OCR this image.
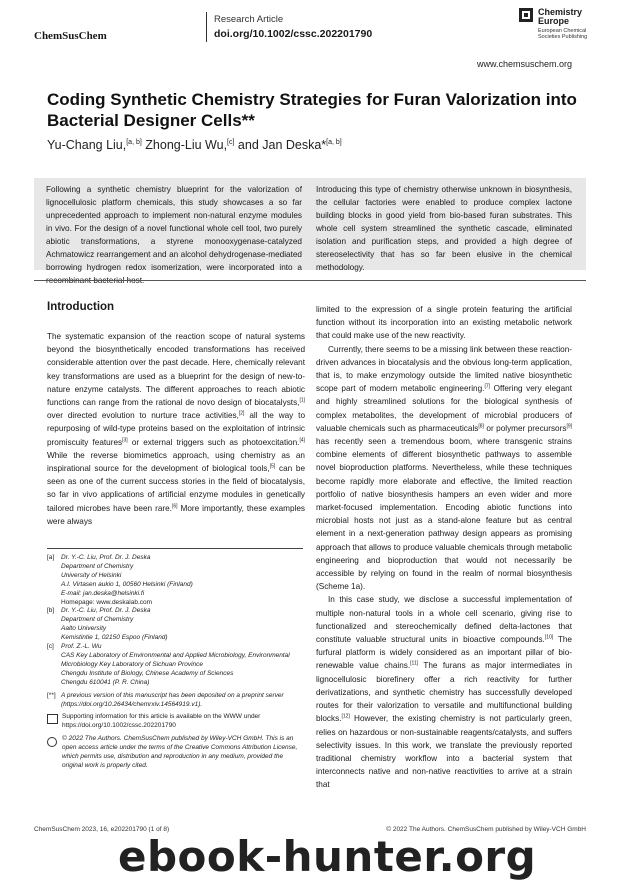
ChemSusChem
Research Article
doi.org/10.1002/cssc.202201790
Chemistry Europe
European Chemical
Societies Publishing
www.chemsuschem.org
Coding Synthetic Chemistry Strategies for Furan Valorization into Bacterial Designer Cells**
Yu-Chang Liu,[a, b] Zhong-Liu Wu,[c] and Jan Deska*[a, b]
Following a synthetic chemistry blueprint for the valorization of lignocellulosic platform chemicals, this study showcases a so far unprecedented approach to implement non-natural enzyme modules in vivo. For the design of a novel functional whole cell tool, two purely abiotic transformations, a styrene monooxygenase-catalyzed Achmatowicz rearrangement and an alcohol dehydrogenase-mediated borrowing hydrogen redox isomerization, were incorporated into a
Introducing this type of chemistry otherwise unknown in biosynthesis, the cellular factories were enabled to produce complex lactone building blocks in good yield from bio-based furan substrates. This whole cell system streamlined the synthetic cascade, eliminated isolation and purification steps, and provided a high degree of stereoselectivity that has so far been elusive in the chemical methodology.
Introduction

The systematic expansion of the reaction scope of natural systems beyond the biosynthetically encoded transformations has received considerable attention over the past decade. Here, chemically relevant key transformations are used as a blueprint for the design of new-to-nature enzyme catalysts. The different approaches to reach abiotic functions can range from the rational de novo design of biocatalysts,[1] over directed evolution to nurture trace activities,[2] all the way to repurposing of wild-type proteins based on the exploitation of intrinsic promiscuity features[3] or external triggers such as photoexcitation.[4] While the reverse biomimetics approach, using chemistry as an inspirational source for the development of biological tools,[5] can be seen as one of the current success stories in the field of biocatalysis, so far in vivo applications of artificial enzyme modules in genetically tailored microbes have been rare.[6] More importantly, these examples were always

limited to the expression of a single protein featuring the artificial function without its incorporation into an existing metabolic network that could make use of the new reactivity.

Currently, there seems to be a missing link between these reaction-driven advances in biocatalysis and the obvious long-term application, that is, to make enzymology outside the limited native biosynthetic scope part of modern metabolic engineering.[7] Offering very elegant and highly streamlined solutions for the biological synthesis of complex metabolites, the development of microbial producers of valuable chemicals such as pharmaceuticals[8] or polymer precursors[9] has recently seen a tremendous boom, where transgenic strains combine elements of different biosynthetic pathways to assemble novel bioproduction platforms. Nevertheless, while these techniques become rapidly more elaborate and effective, the limited reaction portfolio of native biosynthesis hampers an even wider and more market-focused implementation. Encoding abiotic functions into microbial hosts not just as a stand-alone feature but as central element in a next-generation pathway design appears as promising approach that allows to produce valuable chemicals through metabolic engineering and bioproduction that would not necessarily be accessible by relying on found in the realm of normal biosynthesis (Scheme 1a).

In this case study, we disclose a successful implementation of multiple non-natural tools in a whole cell scenario, giving rise to functionalized and stereochemically defined delta-lactones that constitute valuable structural units in bioactive compounds.[10] The furfural platform is widely considered as an important pillar of bio-renewable value chains.[11] The furans as major intermediates in lignocellulosic biorefinery offer a rich reactivity for further derivatizations, and synthetic chemistry has successfully developed routes for their valorization to versatile and multifunctional building blocks.[12] However, the existing chemistry is not particularly green, relies on hazardous or non-sustainable reagents/catalysts, and suffers selectivity issues. In this work, we translate the previously reported traditional chemistry workflow into a bacterial system that interconnects native and non-native reactivities to arrive at a strain that

[a]	Dr. Y.-C. Liu, Prof. Dr. J. Deska
Department of Chemistry
University of Helsinki
A.I. Virtasen aukio 1, 00560 Helsinki (Finland)
E-mail: jan.deska@helsinki.fi
Homepage: www.deskalab.com
[b]	Dr. Y.-C. Liu, Prof. Dr. J. Deska
Department of Chemistry
Aalto University
Kemistintie 1, 02150 Espoo (Finland)
[c]	Prof. Z.-L. Wu
CAS Key Laboratory of Environmental and Applied Microbiology, Environmental Microbiology Key Laboratory of Sichuan Province
Chengdu Institute of Biology, Chinese Academy of Sciences
Chengdu 610041 (P. R. China)
[**] A previous version of this manuscript has been deposited on a preprint server (https://doi.org/10.26434/chemrxiv.14564919.v1).
Supporting information for this article is available on the WWW under https://doi.org/10.1002/cssc.202201790
© 2022 The Authors. ChemSusChem published by Wiley-VCH GmbH. This is an open access article under the terms of the Creative Commons Attribution License, which permits use, distribution and reproduction in any medium, provided the original work is properly cited.
ChemSusChem 2023, 16, e202201790 (1 of 8)	© 2022 The Authors. ChemSusChem published by Wiley-VCH GmbH
ebook-hunter.org
